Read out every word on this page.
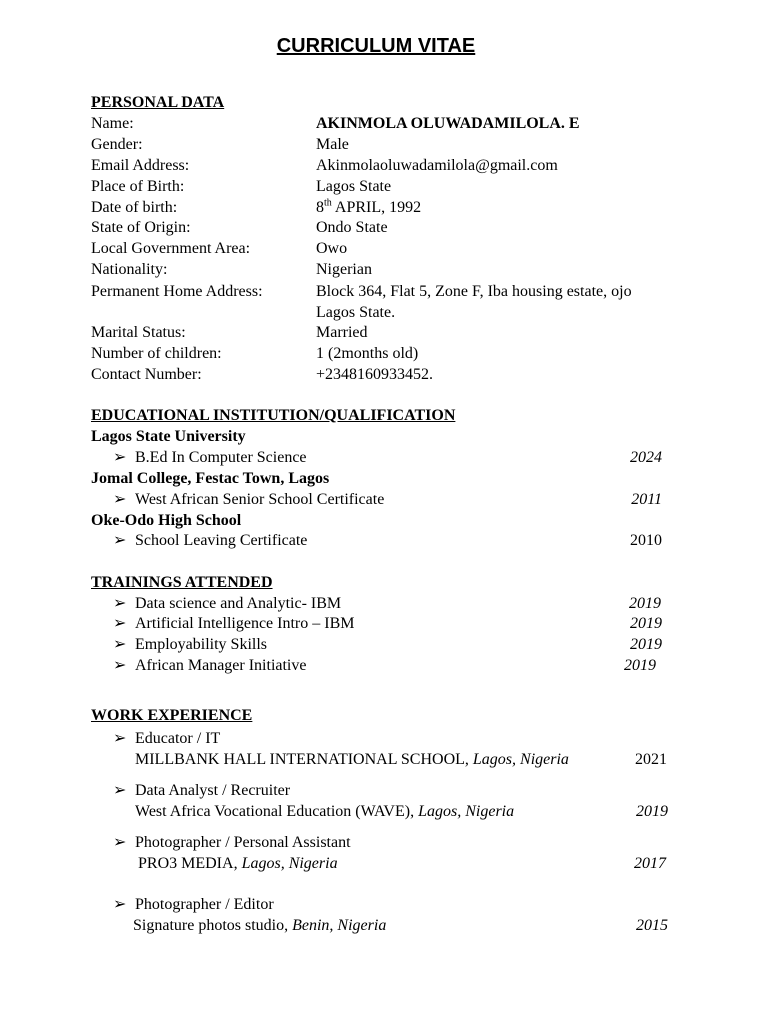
CURRICULUM VITAE
PERSONAL DATA
Name:	AKINMOLA OLUWADAMILOLA. E
Gender:	Male
Email Address:	Akinmolaoluwadamilola@gmail.com
Place of Birth:	Lagos State
Date of birth:	8th APRIL, 1992
State of Origin:	Ondo State
Local Government Area:	Owo
Nationality:	Nigerian
Permanent Home Address:	Block 364, Flat 5, Zone F, Iba housing estate, ojo
Lagos State.
Marital Status:	Married
Number of children:	1 (2months old)
Contact Number:	+2348160933452.
EDUCATIONAL INSTITUTION/QUALIFICATION
Lagos State University
➢ B.Ed In Computer Science	2024
Jomal College, Festac Town, Lagos
➢ West African Senior School Certificate	2011
Oke-Odo High School
➢ School Leaving Certificate	2010
TRAININGS ATTENDED
➢ Data science and Analytic- IBM	2019
➢ Artificial Intelligence Intro – IBM	2019
➢ Employability Skills	2019
➢ African Manager Initiative	2019
WORK EXPERIENCE
➢ Educator / IT
MILLBANK HALL INTERNATIONAL SCHOOL, Lagos, Nigeria	2021
➢ Data Analyst / Recruiter
West Africa Vocational Education (WAVE), Lagos, Nigeria	2019
➢ Photographer / Personal Assistant
PRO3 MEDIA, Lagos, Nigeria	2017
➢ Photographer / Editor
Signature photos studio, Benin, Nigeria	2015
